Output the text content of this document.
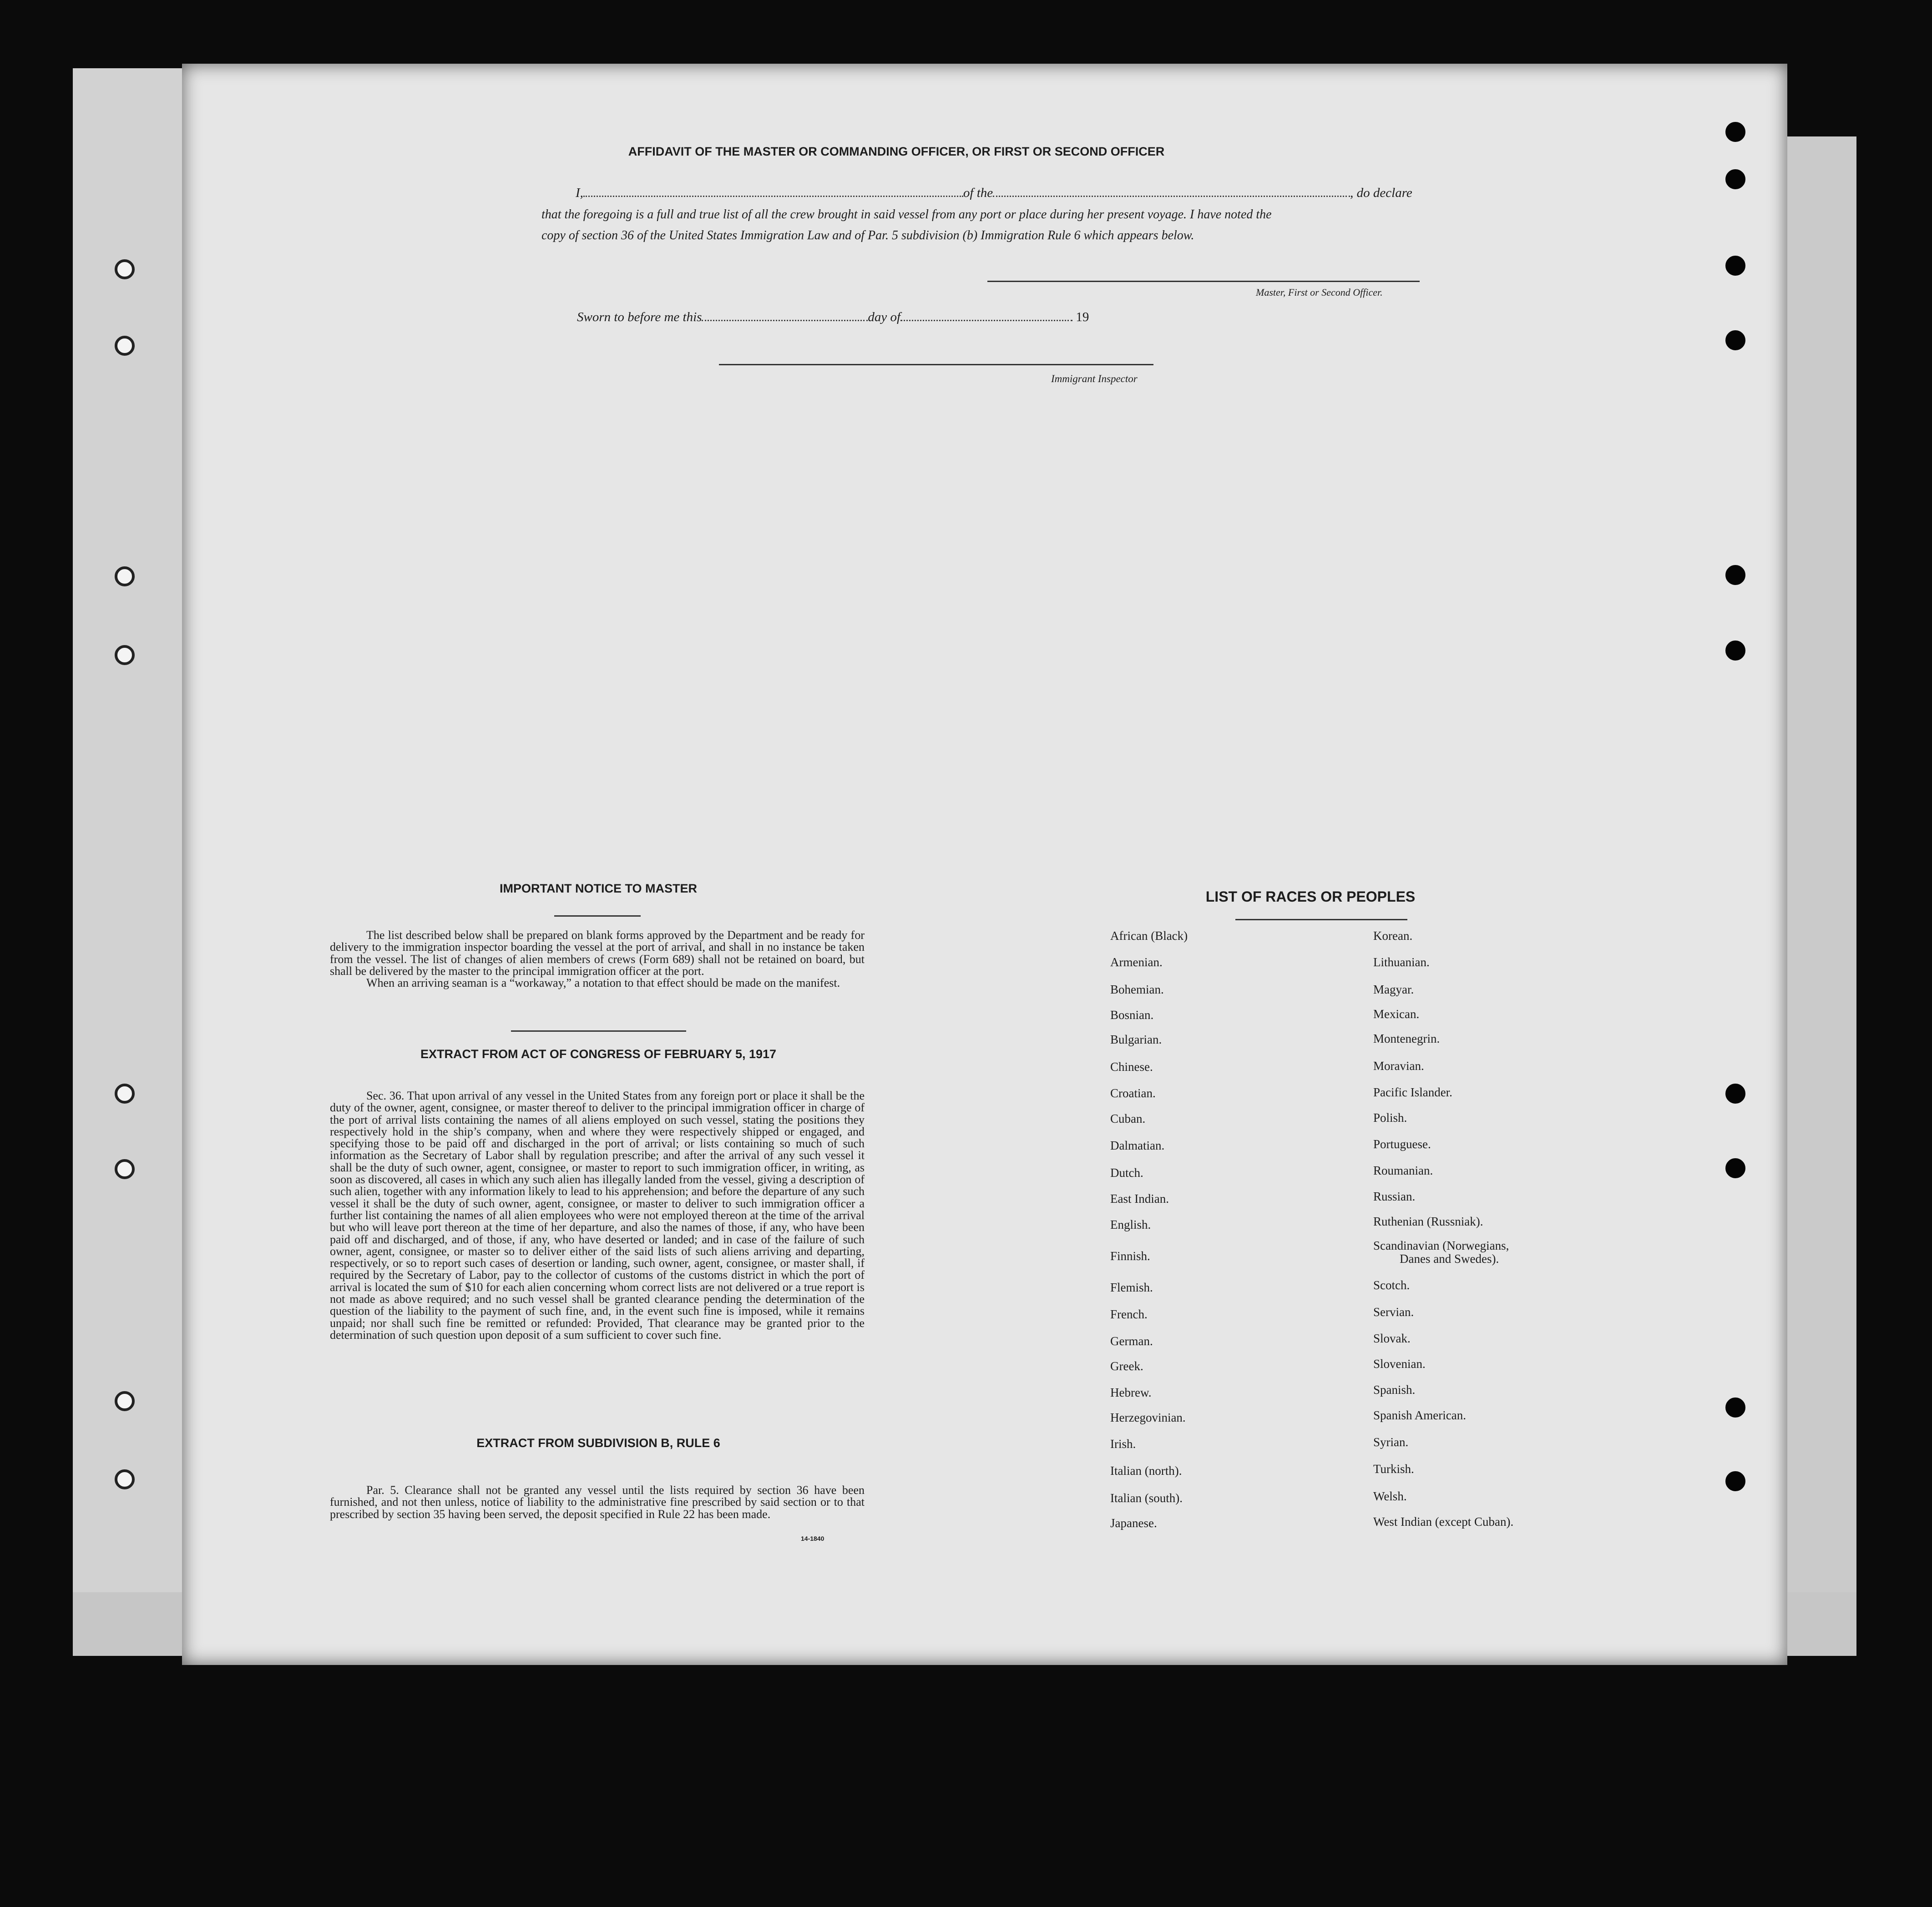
AFFIDAVIT OF THE MASTER OR COMMANDING OFFICER, OR FIRST OR SECOND OFFICER
I,	of the	, do declare
that the foregoing is a full and true list of all the crew brought in said vessel from any port or place during her present voyage. I have noted the
copy of section 36 of the United States Immigration Law and of Par. 5 subdivision (b) Immigration Rule 6 which appears below.
Master, First or Second Officer.
Sworn to before me this	day of	19
Immigrant Inspector
IMPORTANT NOTICE TO MASTER

The list described below shall be prepared on blank forms approved by the Department and be ready for delivery to the immigration inspector boarding the vessel at the port of arrival, and shall in no instance be taken from the vessel. The list of changes of alien members of crews (Form 689) shall not be retained on board, but shall be delivered by the master to the principal immigration officer at the port.

When an arriving seaman is a “workaway,” a notation to that effect should be made on the manifest.

EXTRACT FROM ACT OF CONGRESS OF FEBRUARY 5, 1917

Sec. 36. That upon arrival of any vessel in the United States from any foreign port or place it shall be the duty of the owner, agent, consignee, or master thereof to deliver to the principal immigration officer in charge of the port of arrival lists containing the names of all aliens employed on such vessel, stating the positions they respectively hold in the ship’s company, when and where they were respectively shipped or engaged, and specifying those to be paid off and discharged in the port of arrival; or lists containing so much of such information as the Secretary of Labor shall by regulation prescribe; and after the arrival of any such vessel it shall be the duty of such owner, agent, consignee, or master to report to such immigration officer, in writing, as soon as discovered, all cases in which any such alien has illegally landed from the vessel, giving a description of such alien, together with any information likely to lead to his apprehension; and before the departure of any such vessel it shall be the duty of such owner, agent, consignee, or master to deliver to such immigration officer a further list containing the names of all alien employees who were not employed thereon at the time of the arrival but who will leave port thereon at the time of her departure, and also the names of those, if any, who have been paid off and discharged, and of those, if any, who have deserted or landed; and in case of the failure of such owner, agent, consignee, or master so to deliver either of the said lists of such aliens arriving and departing, respectively, or so to report such cases of desertion or landing, such owner, agent, consignee, or master shall, if required by the Secretary of Labor, pay to the collector of customs of the customs district in which the port of arrival is located the sum of $10 for each alien concerning whom correct lists are not delivered or a true report is not made as above required; and no such vessel shall be granted clearance pending the determination of the question of the liability to the payment of such fine, and, in the event such fine is imposed, while it remains unpaid; nor shall such fine be remitted or refunded: Provided, That clearance may be granted prior to the determination of such question upon deposit of a sum sufficient to cover such fine.

EXTRACT FROM SUBDIVISION B, RULE 6

Par. 5. Clearance shall not be granted any vessel until the lists required by section 36 have been furnished, and not then unless, notice of liability to the administrative fine prescribed by said section or to that prescribed by section 35 having been served, the deposit specified in Rule 22 has been made.

14-1840
LIST OF RACES OR PEOPLES
African (Black)
Armenian.
Bohemian.
Bosnian.
Bulgarian.
Chinese.
Croatian.
Cuban.
Dalmatian.
Dutch.
East Indian.
English.
Finnish.
Flemish.
French.
German.
Greek.
Hebrew.
Herzegovinian.
Irish.
Italian (north).
Italian (south).
Japanese.
Korean.
Lithuanian.
Magyar.
Mexican.
Montenegrin.
Moravian.
Pacific Islander.
Polish.
Portuguese.
Roumanian.
Russian.
Ruthenian (Russniak).
Scandinavian (Norwegians,
Danes and Swedes).
Scotch.
Servian.
Slovak.
Slovenian.
Spanish.
Spanish American.
Syrian.
Turkish.
Welsh.
West Indian (except Cuban).
